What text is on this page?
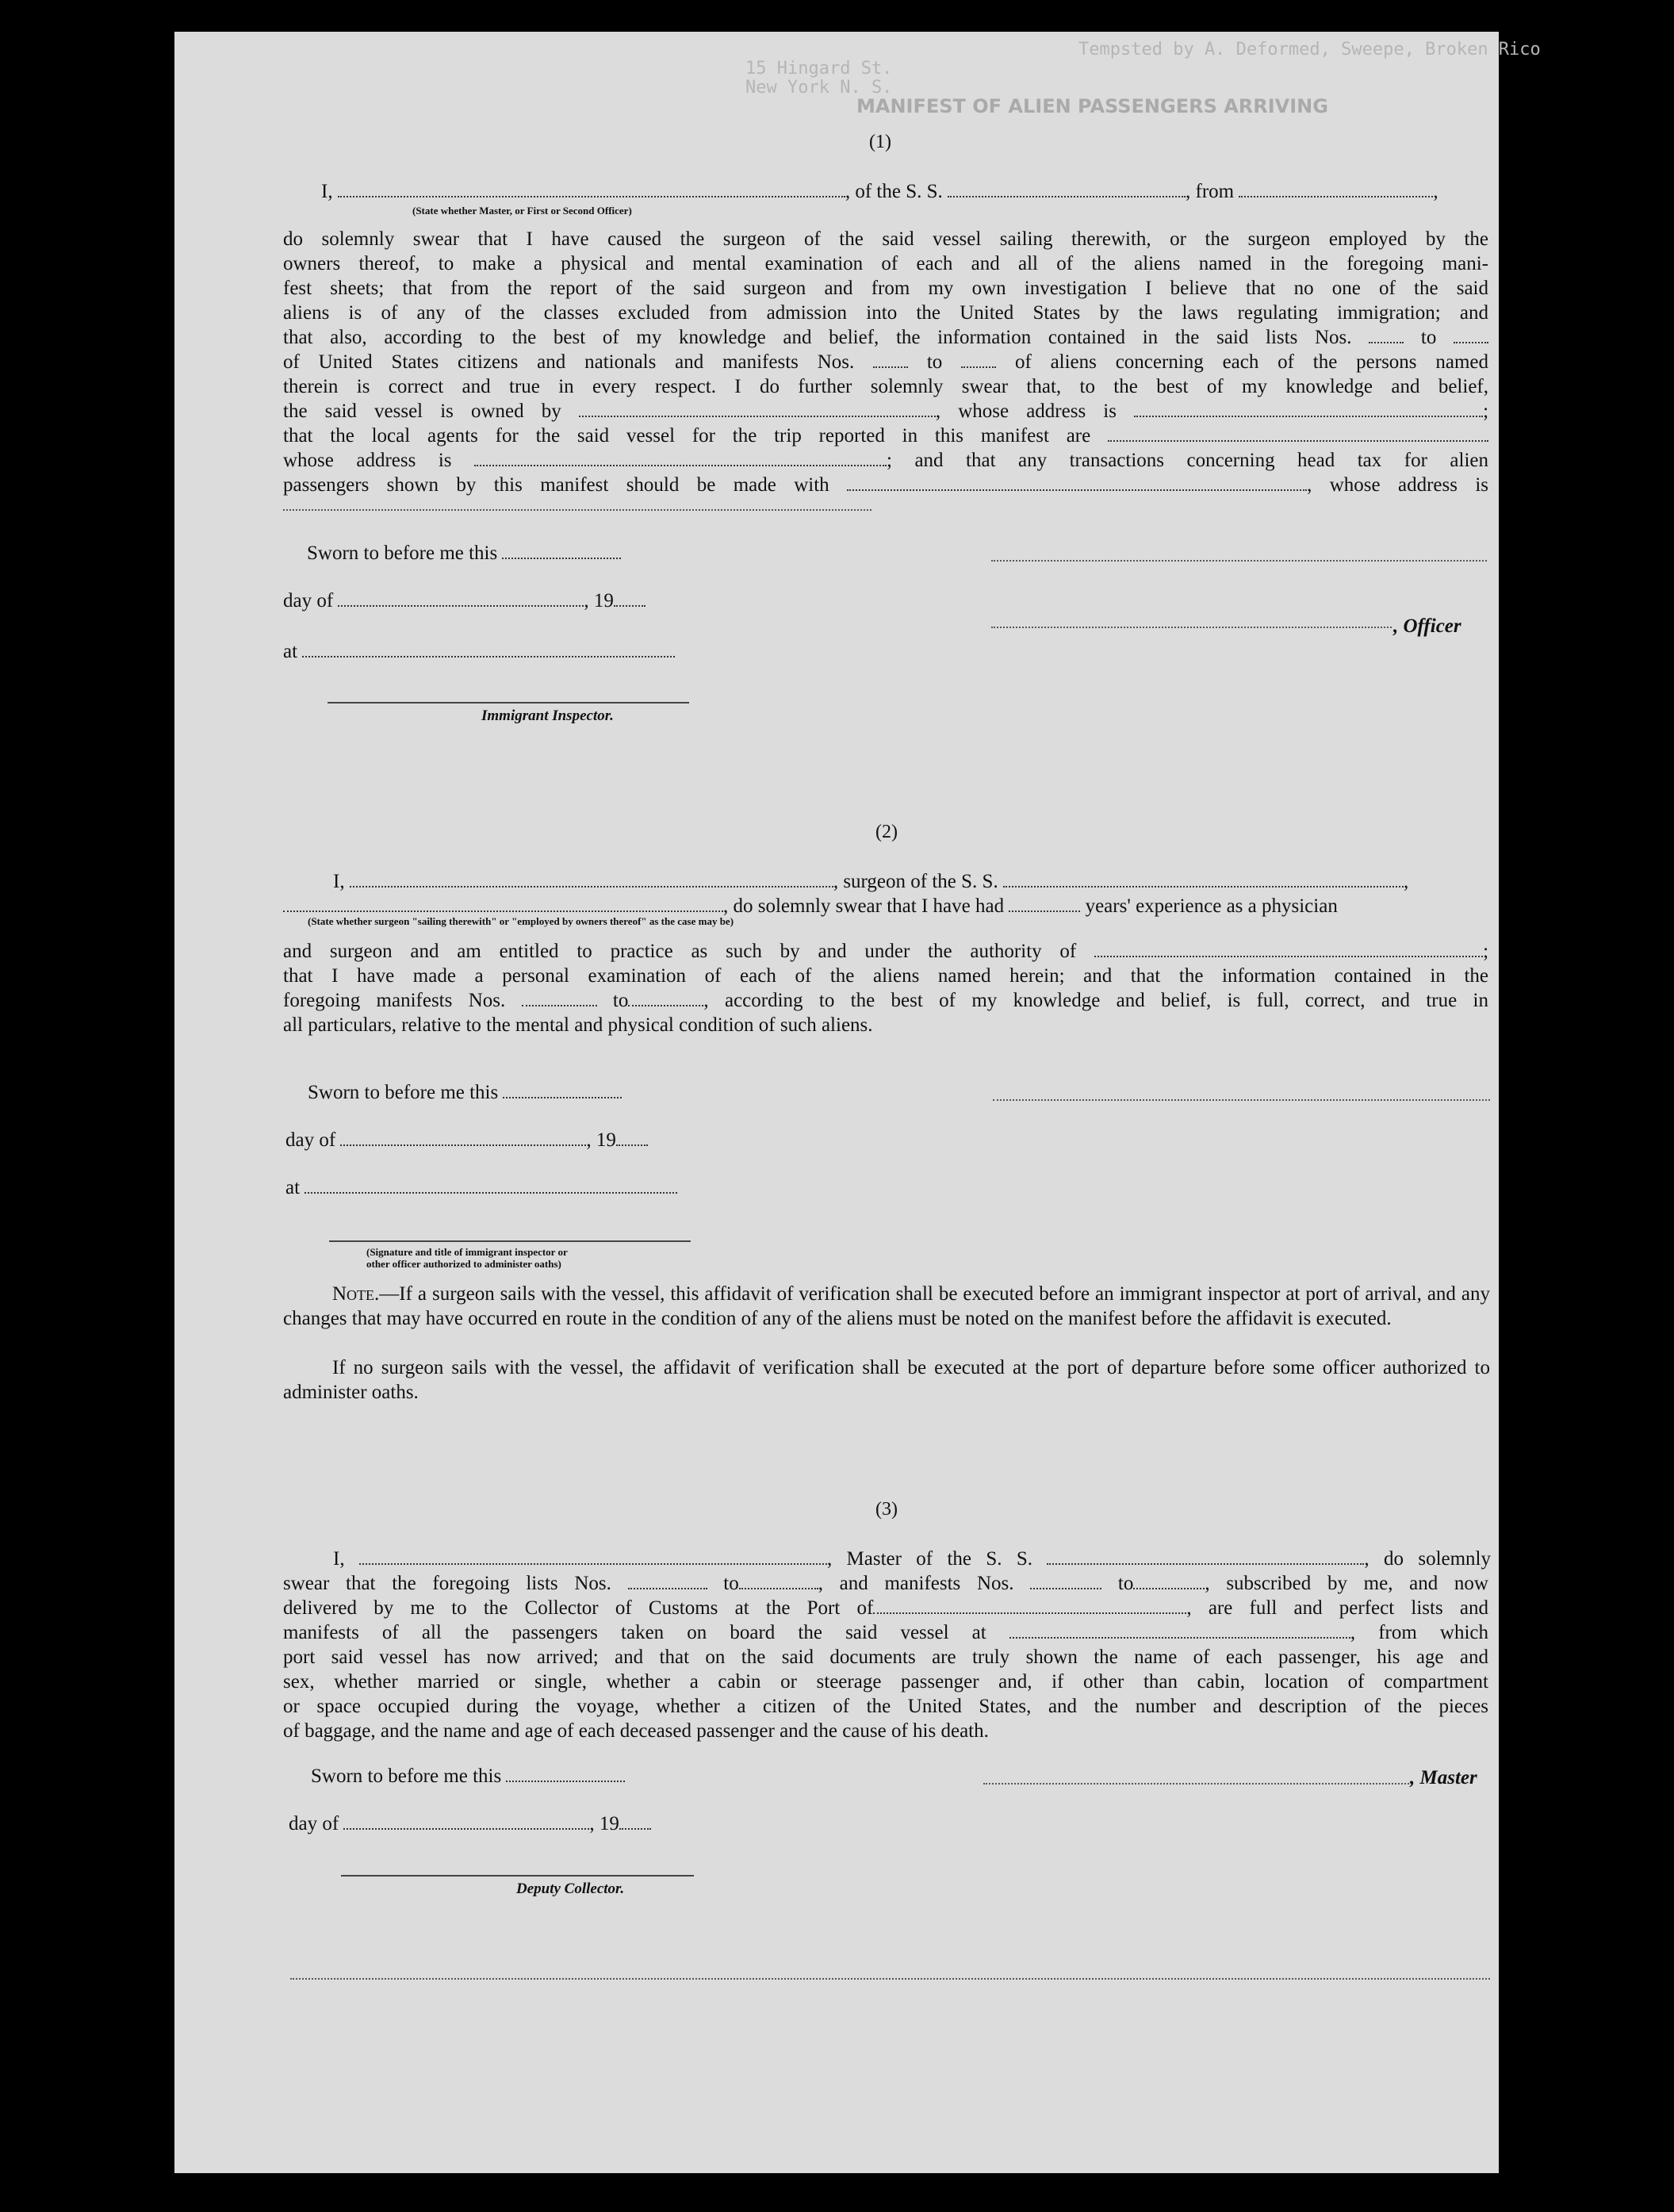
Tempsted by A. Deformed, Sweepe, Broken Rico
15 Hingard St.
New York N. S.
MANIFEST OF ALIEN PASSENGERS ARRIVING
(1)
I,	, of the S. S.	, from	,
(State whether Master, or First or Second Officer)
do solemnly swear that I have caused the surgeon of the said vessel sailing therewith, or the surgeon employed by the
owners thereof, to make a physical and mental examination of each and all of the aliens named in the foregoing mani-
fest sheets; that from the report of the said surgeon and from my own investigation I believe that no one of the said
aliens is of any of the classes excluded from admission into the United States by the laws regulating immigration; and
that also, according to the best of my knowledge and belief, the information contained in the said lists Nos.	to
of United States citizens and nationals and manifests Nos.	to	of aliens concerning each of the persons named
therein is correct and true in every respect. I do further solemnly swear that, to the best of my knowledge and belief,
the said vessel is owned by	, whose address is	;
that the local agents for the said vessel for the trip reported in this manifest are
whose address is	; and that any transactions concerning head tax for alien
passengers shown by this manifest should be made with	, whose address is
Sworn to before me this
day of	, 19
, Officer
at
Immigrant Inspector.
(2)
I,	, surgeon of the S. S.	,
, do solemnly swear that I have had	years' experience as a physician
(State whether surgeon "sailing therewith" or "employed by owners thereof" as the case may be)
and surgeon and am entitled to practice as such by and under the authority of	;
that I have made a personal examination of each of the aliens named herein; and that the information contained in the
foregoing manifests Nos.	to	, according to the best of my knowledge and belief, is full, correct, and true in
all particulars, relative to the mental and physical condition of such aliens.
Sworn to before me this
day of	, 19
at
(Signature and title of immigrant inspector or
other officer authorized to administer oaths)
Note.—If a surgeon sails with the vessel, this affidavit of verification shall be executed before an immigrant inspector at port of arrival, and any changes that may have occurred en route in the condition of any of the aliens must be noted on the manifest before the affidavit is executed.
If no surgeon sails with the vessel, the affidavit of verification shall be executed at the port of departure before some officer authorized to administer oaths.
(3)
I,	, Master of the S. S.	, do solemnly
swear that the foregoing lists Nos.	to	, and manifests Nos.	to	, subscribed by me, and now
delivered by me to the Collector of Customs at the Port of	, are full and perfect lists and
manifests of all the passengers taken on board the said vessel at	, from which
port said vessel has now arrived; and that on the said documents are truly shown the name of each passenger, his age and
sex, whether married or single, whether a cabin or steerage passenger and, if other than cabin, location of compartment
or space occupied during the voyage, whether a citizen of the United States, and the number and description of the pieces
of baggage, and the name and age of each deceased passenger and the cause of his death.
Sworn to before me this	, Master
day of	, 19
Deputy Collector.
